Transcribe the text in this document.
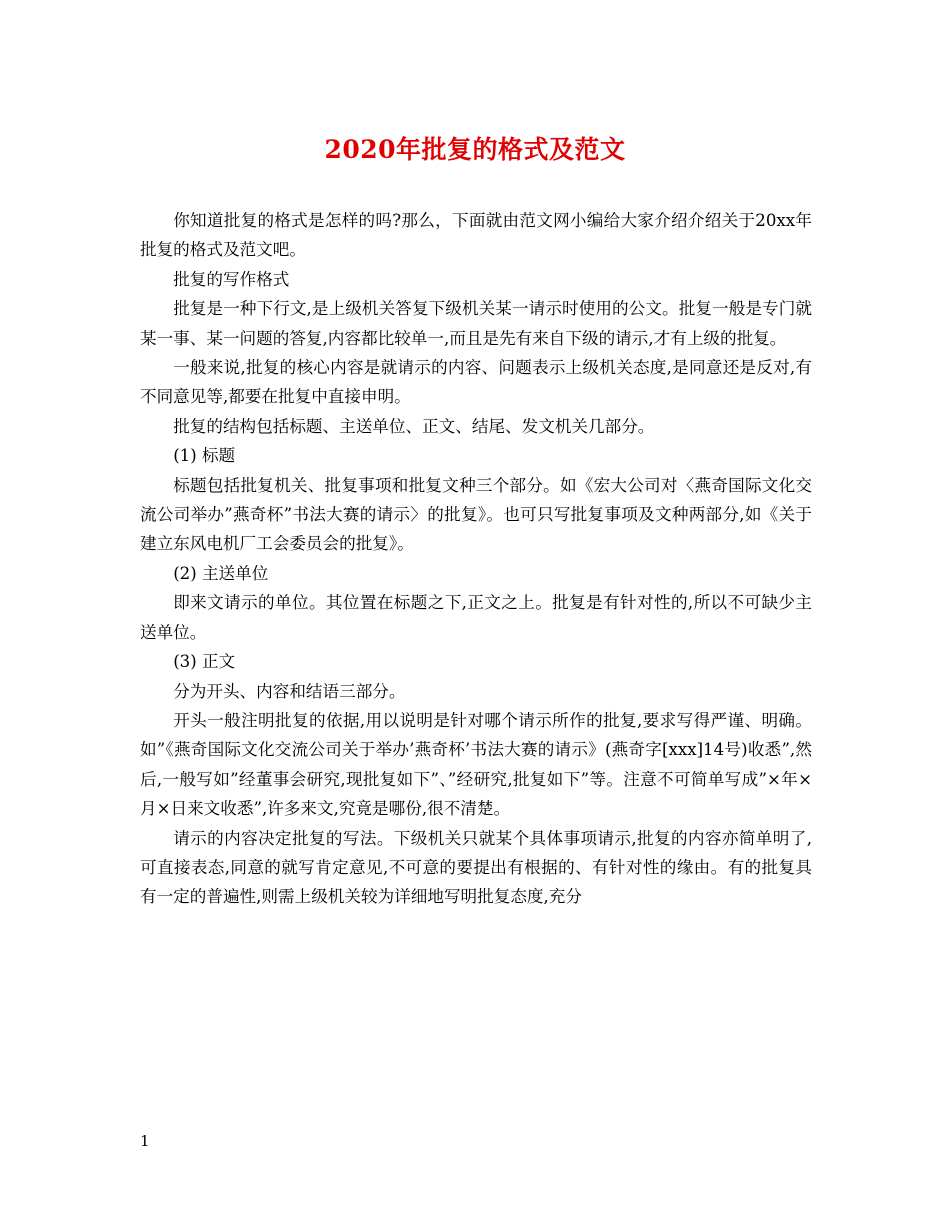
2020年批复的格式及范文

你知道批复的格式是怎样的吗?那么，下面就由范文网小编给大家介绍介绍关于20xx年批复的格式及范文吧。

批复的写作格式

批复是一种下行文,是上级机关答复下级机关某一请示时使用的公文。批复一般是专门就某一事、某一问题的答复,内容都比较单一,而且是先有来自下级的请示,才有上级的批复。

一般来说,批复的核心内容是就请示的内容、问题表示上级机关态度,是同意还是反对,有不同意见等,都要在批复中直接申明。

批复的结构包括标题、主送单位、正文、结尾、发文机关几部分。

(1) 标题

标题包括批复机关、批复事项和批复文种三个部分。如《宏大公司对〈燕奇国际文化交流公司举办”燕奇杯”书法大赛的请示〉的批复》。也可只写批复事项及文种两部分,如《关于建立东风电机厂工会委员会的批复》。

(2) 主送单位

即来文请示的单位。其位置在标题之下,正文之上。批复是有针对性的,所以不可缺少主送单位。

(3) 正文

分为开头、内容和结语三部分。

开头一般注明批复的依据,用以说明是针对哪个请示所作的批复,要求写得严谨、明确。如”《燕奇国际文化交流公司关于举办’燕奇杯’书法大赛的请示》(燕奇字[xxx]14号)收悉”,然后,一般写如”经董事会研究,现批复如下”、”经研究,批复如下”等。注意不可简单写成”×年×月×日来文收悉”,许多来文,究竟是哪份,很不清楚。

请示的内容决定批复的写法。下级机关只就某个具体事项请示,批复的内容亦简单明了,可直接表态,同意的就写肯定意见,不可意的要提出有根据的、有针对性的缘由。有的批复具有一定的普遍性,则需上级机关较为详细地写明批复态度,充分

1
